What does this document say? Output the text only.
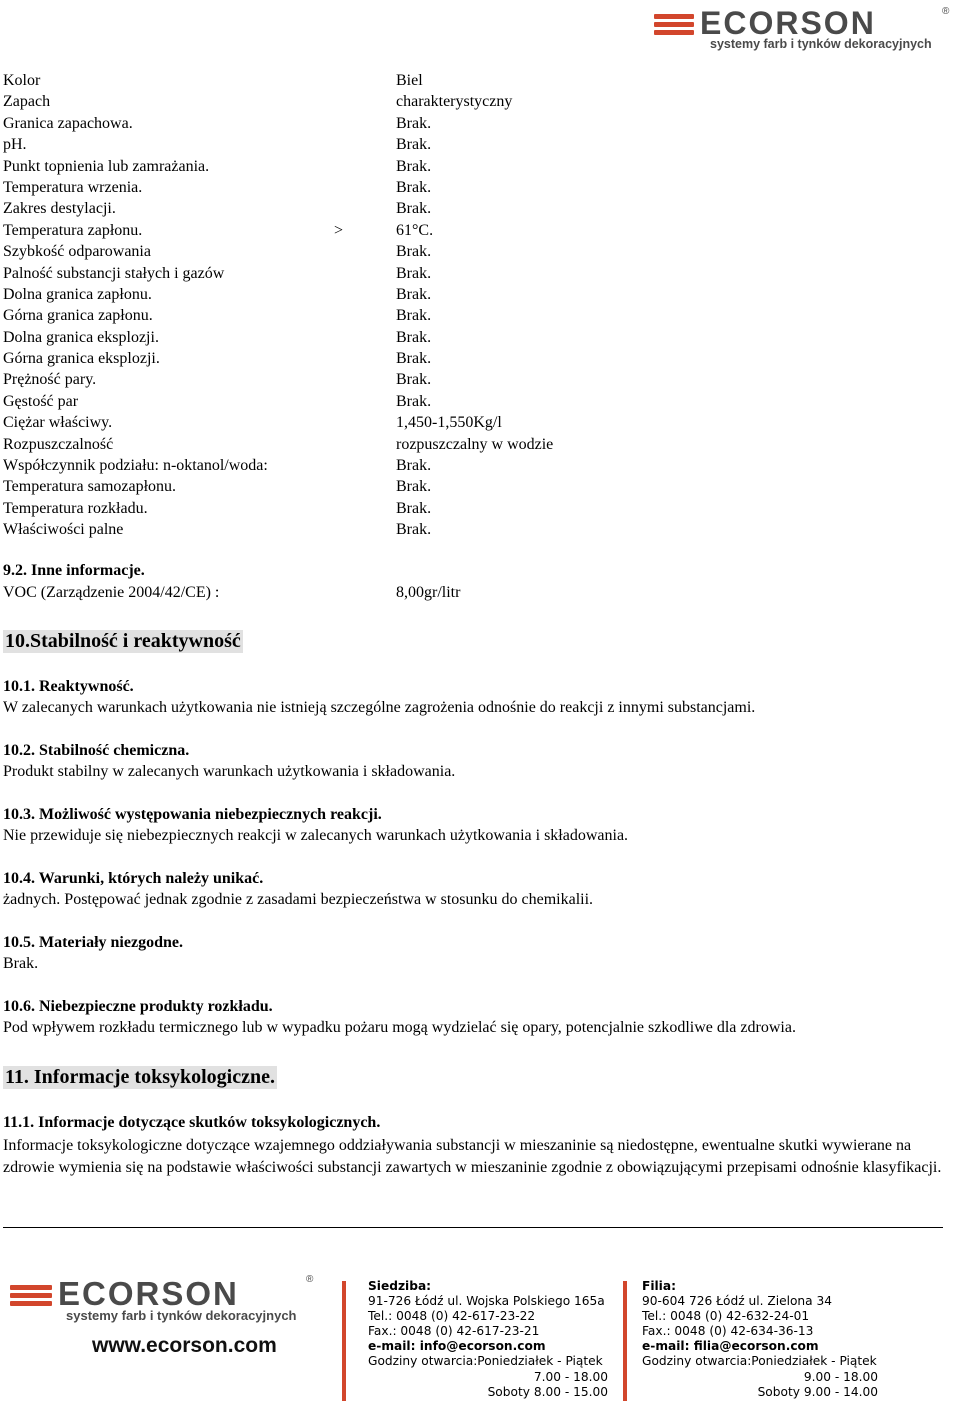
ECORSON	®
systemy farb i tynków dekoracyjnych
Kolor	Biel
Zapach	charakterystyczny
Granica zapachowa.	Brak.
pH.	Brak.
Punkt topnienia lub zamrażania.	Brak.
Temperatura wrzenia.	Brak.
Zakres destylacji.	Brak.
Temperatura zapłonu.	>	61°C.
Szybkość odparowania	Brak.
Palność substancji stałych i gazów	Brak.
Dolna granica zapłonu.	Brak.
Górna granica zapłonu.	Brak.
Dolna granica eksplozji.	Brak.
Górna granica eksplozji.	Brak.
Prężność pary.	Brak.
Gęstość par	Brak.
Ciężar właściwy.	1,450-1,550Kg/l
Rozpuszczalność	rozpuszczalny w wodzie
Współczynnik podziału: n-oktanol/woda:	Brak.
Temperatura samozapłonu.	Brak.
Temperatura rozkładu.	Brak.
Właściwości palne	Brak.
9.2. Inne informacje.
VOC (Zarządzenie 2004/42/CE) :	8,00gr/litr
10.Stabilność i reaktywność
10.1. Reaktywność.
W zalecanych warunkach użytkowania nie istnieją szczególne zagrożenia odnośnie do reakcji z innymi substancjami.
10.2. Stabilność chemiczna.
Produkt stabilny w zalecanych warunkach użytkowania i składowania.
10.3. Możliwość występowania niebezpiecznych reakcji.
Nie przewiduje się niebezpiecznych reakcji w zalecanych warunkach użytkowania i składowania.
10.4. Warunki, których należy unikać.
żadnych. Postępować jednak zgodnie z zasadami bezpieczeństwa w stosunku do chemikalii.
10.5. Materiały niezgodne.
Brak.
10.6. Niebezpieczne produkty rozkładu.
Pod wpływem rozkładu termicznego lub w wypadku pożaru mogą wydzielać się opary, potencjalnie szkodliwe dla zdrowia.
11. Informacje toksykologiczne.
11.1. Informacje dotyczące skutków toksykologicznych.
Informacje toksykologiczne dotyczące wzajemnego oddziaływania substancji w mieszaninie są niedostępne, ewentualne skutki wywierane na zdrowie wymienia się na podstawie właściwości substancji zawartych w mieszaninie zgodnie z obowiązującymi przepisami odnośnie klasyfikacji.
ECORSON	®
systemy farb i tynków dekoracyjnych
www.ecorson.com
Siedziba:
91-726 Łódź ul. Wojska Polskiego 165a
Tel.: 0048 (0) 42-617-23-22
Fax.: 0048 (0) 42-617-23-21
e-mail: info@ecorson.com
Godziny otwarcia:Poniedziałek - Piątek
7.00 - 18.00
Soboty 8.00 - 15.00
Filia:
90-604 726 Łódź ul. Zielona 34
Tel.: 0048 (0) 42-632-24-01
Fax.: 0048 (0) 42-634-36-13
e-mail: filia@ecorson.com
Godziny otwarcia:Poniedziałek - Piątek
9.00 - 18.00
Soboty 9.00 - 14.00
